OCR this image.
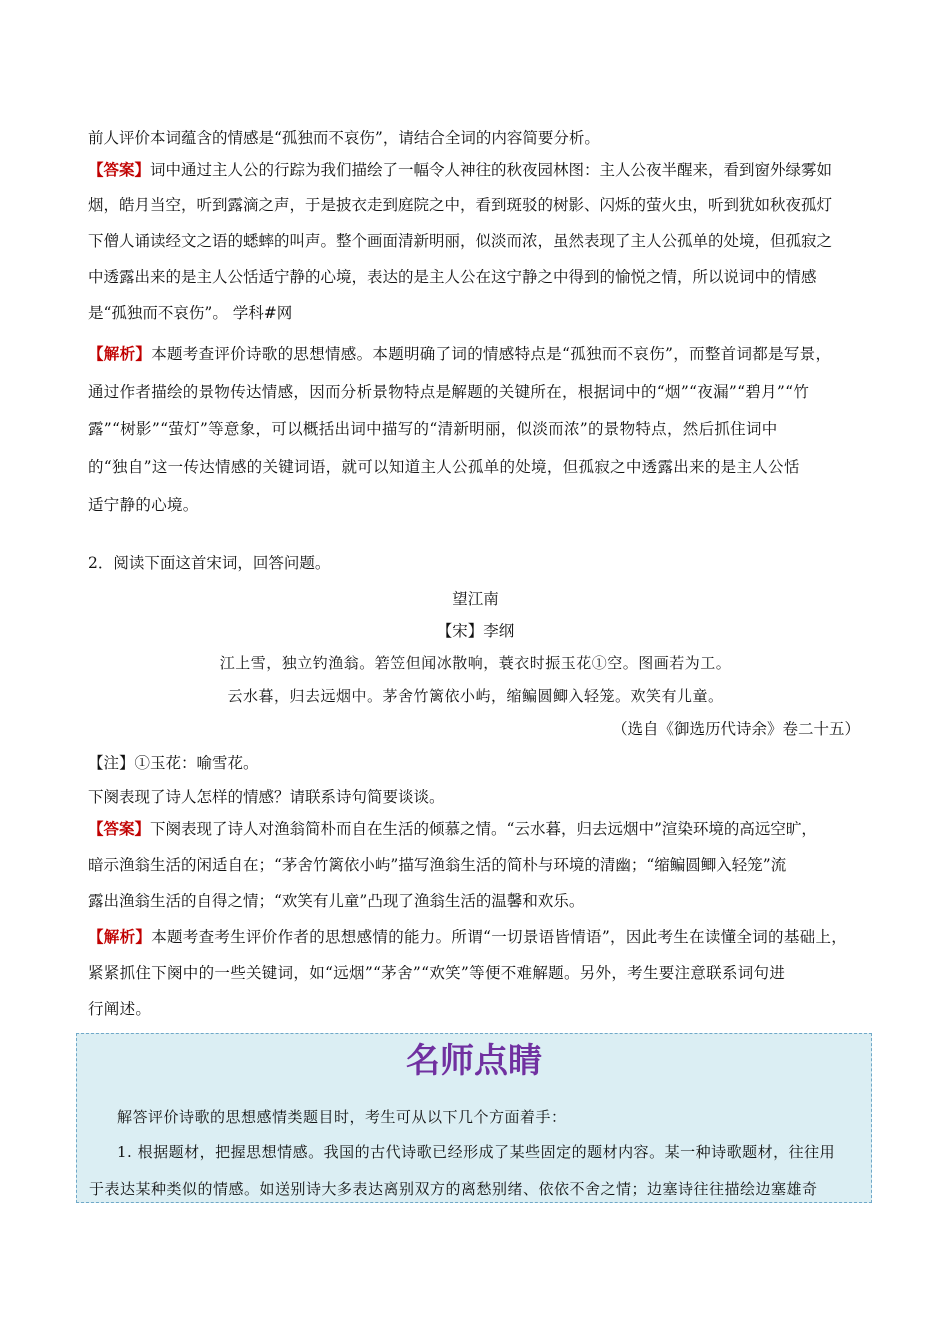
前人评价本词蕴含的情感是“孤独而不哀伤”，请结合全词的内容简要分析。
【答案】词中通过主人公的行踪为我们描绘了一幅令人神往的秋夜园林图：主人公夜半醒来，看到窗外绿雾如
烟，皓月当空，听到露滴之声，于是披衣走到庭院之中，看到斑驳的树影、闪烁的萤火虫，听到犹如秋夜孤灯
下僧人诵读经文之语的蟋蟀的叫声。整个画面清新明丽，似淡而浓，虽然表现了主人公孤单的处境，但孤寂之
中透露出来的是主人公恬适宁静的心境，表达的是主人公在这宁静之中得到的愉悦之情，所以说词中的情感
是“孤独而不哀伤”。 学科#网
【解析】本题考查评价诗歌的思想情感。本题明确了词的情感特点是“孤独而不哀伤”，而整首词都是写景，
通过作者描绘的景物传达情感，因而分析景物特点是解题的关键所在，根据词中的“烟”“夜漏”“碧月”“竹
露”“树影”“萤灯”等意象，可以概括出词中描写的“清新明丽，似淡而浓”的景物特点，然后抓住词中
的“独自”这一传达情感的关键词语，就可以知道主人公孤单的处境，但孤寂之中透露出来的是主人公恬
适宁静的心境。
2．阅读下面这首宋词，回答问题。
望江南
【宋】李纲
江上雪，独立钓渔翁。箬笠但闻冰散响，蓑衣时振玉花①空。图画若为工。
云水暮，归去远烟中。茅舍竹篱依小屿，缩鳊圆鲫入轻笼。欢笑有儿童。
（选自《御选历代诗余》卷二十五）
【注】①玉花：喻雪花。
下阕表现了诗人怎样的情感？请联系诗句简要谈谈。
【答案】下阕表现了诗人对渔翁简朴而自在生活的倾慕之情。“云水暮，归去远烟中”渲染环境的高远空旷，
暗示渔翁生活的闲适自在；“茅舍竹篱依小屿”描写渔翁生活的简朴与环境的清幽；“缩鳊圆鲫入轻笼”流
露出渔翁生活的自得之情；“欢笑有儿童”凸现了渔翁生活的温馨和欢乐。
【解析】本题考查考生评价作者的思想感情的能力。所谓“一切景语皆情语”，因此考生在读懂全词的基础上，
紧紧抓住下阕中的一些关键词，如“远烟”“茅舍”“欢笑”等便不难解题。另外，考生要注意联系词句进
行阐述。
名师点睛
解答评价诗歌的思想感情类题目时，考生可从以下几个方面着手：
1. 根据题材，把握思想情感。我国的古代诗歌已经形成了某些固定的题材内容。某一种诗歌题材，往往用
于表达某种类似的情感。如送别诗大多表达离别双方的离愁别绪、依依不舍之情；边塞诗往往描绘边塞雄奇
